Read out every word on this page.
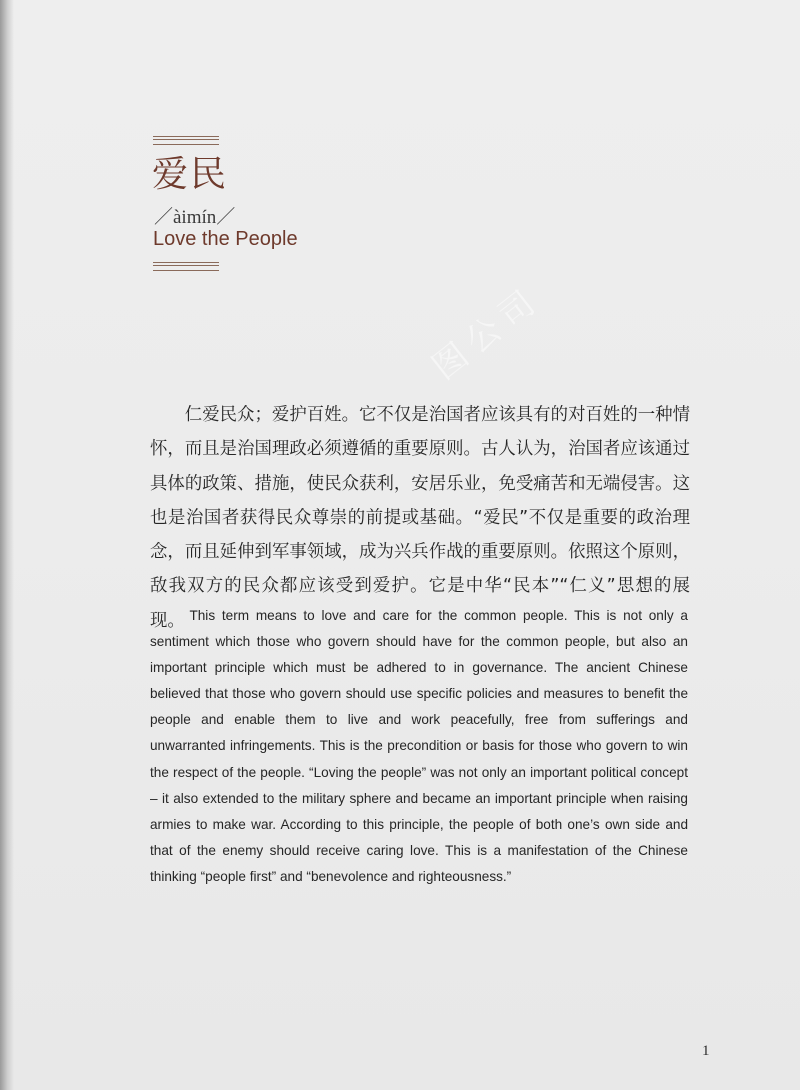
爱民
／àimín／
Love the People
图公司

仁爱民众；爱护百姓。它不仅是治国者应该具有的对百姓的一种情怀，而且是治国理政必须遵循的重要原则。古人认为，治国者应该通过具体的政策、措施，使民众获利，安居乐业，免受痛苦和无端侵害。这也是治国者获得民众尊崇的前提或基础。“爱民”不仅是重要的政治理念，而且延伸到军事领域，成为兴兵作战的重要原则。依照这个原则，敌我双方的民众都应该受到爱护。它是中华“民本”“仁义”思想的展现。 This term means to love and care for the common people. This is not only a sentiment which those who govern should have for the common people, but also an important principle which must be adhered to in governance. The ancient Chinese believed that those who govern should use specific policies and measures to benefit the people and enable them to live and work peacefully, free from sufferings and unwarranted infringements. This is the precondition or basis for those who govern to win the respect of the people. “Loving the people” was not only an important political concept – it also extended to the military sphere and became an important principle when raising armies to make war. According to this principle, the people of both one’s own side and that of the enemy should receive caring love. This is a manifestation of the Chinese thinking “people first” and “benevolence and righteousness.”

1
